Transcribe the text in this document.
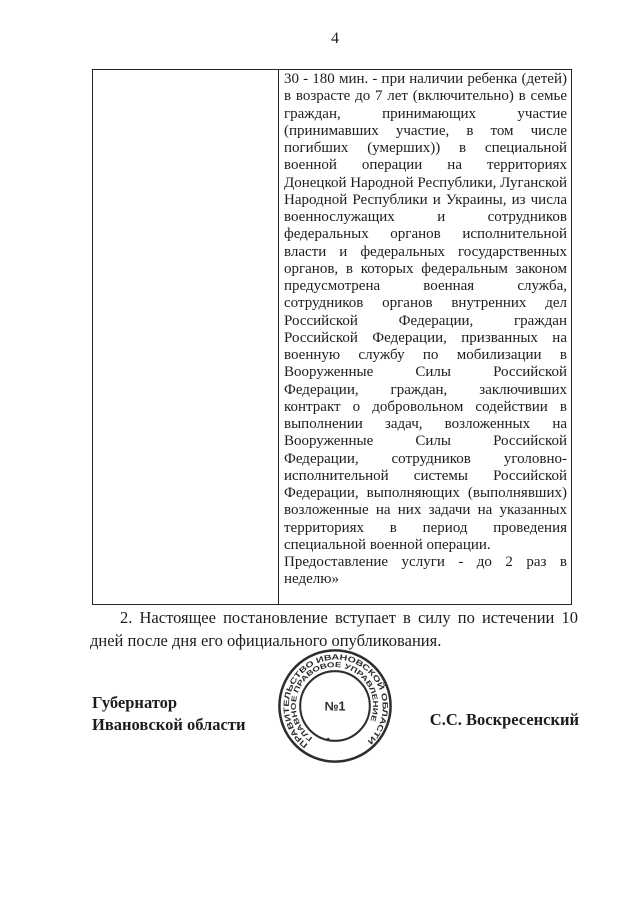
4

30 - 180 мин. - при наличии ребенка (детей) в возрасте до 7 лет (включительно) в семье граждан, принимающих участие (принимавших участие, в том числе погибших (умерших)) в специальной военной операции на территориях Донецкой Народной Республики, Луганской Народной Республики и Украины, из числа военнослужащих и сотрудников федеральных органов исполнительной власти и федеральных государственных органов, в которых федеральным законом предусмотрена военная служба, сотрудников органов внутренних дел Российской Федерации, граждан Российской Федерации, призванных на военную службу по мобилизации в Вооруженные Силы Российской Федерации, граждан, заключивших контракт о добровольном содействии в выполнении задач, возложенных на Вооруженные Силы Российской Федерации, сотрудников уголовно-исполнительной системы Российской Федерации, выполняющих (выполнявших) возложенные на них задачи на указанных территориях в период проведения специальной военной операции.

Предоставление услуги - до 2 раз в неделю»

2. Настоящее постановление вступает в силу по истечении 10 дней после дня его официального опубликования.

Губернатор
Ивановской области
ПРАВИТЕЛЬСТВО ИВАНОВСКОЙ ОБЛАСТИ
ГЛАВНОЕ ПРАВОВОЕ УПРАВЛЕНИЕ
№1
С.С. Воскресенский
